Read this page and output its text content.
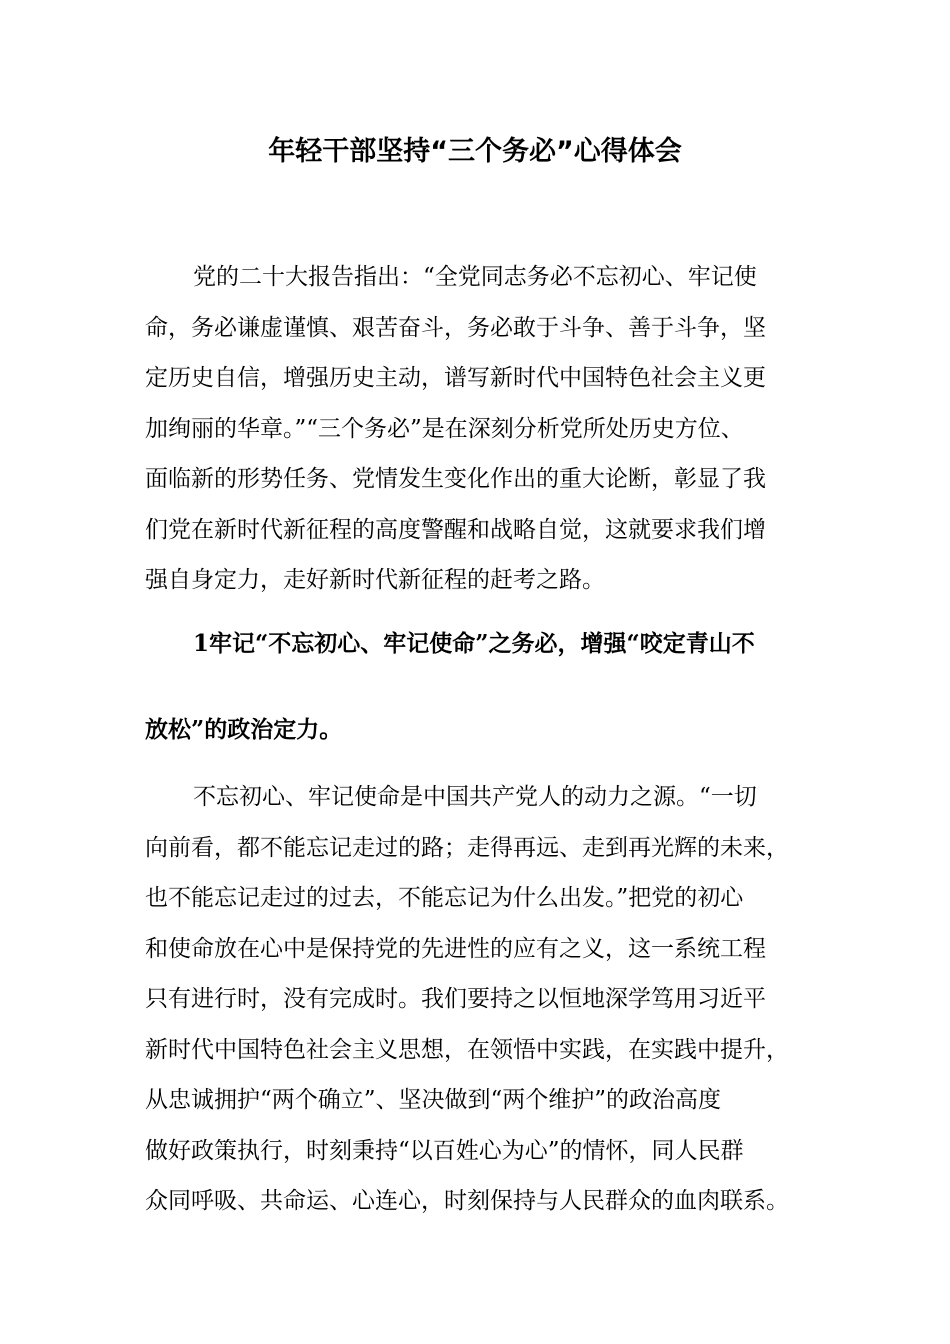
年轻干部坚持“三个务必”心得体会
党的二十大报告指出：“全党同志务必不忘初心、牢记使
命，务必谦虚谨慎、艰苦奋斗，务必敢于斗争、善于斗争，坚
定历史自信，增强历史主动，谱写新时代中国特色社会主义更
加绚丽的华章。”“三个务必”是在深刻分析党所处历史方位、
面临新的形势任务、党情发生变化作出的重大论断，彰显了我
们党在新时代新征程的高度警醒和战略自觉，这就要求我们增
强自身定力，走好新时代新征程的赶考之路。
1牢记“不忘初心、牢记使命”之务必，增强“咬定青山不
放松”的政治定力。
不忘初心、牢记使命是中国共产党人的动力之源。“一切
向前看，都不能忘记走过的路；走得再远、走到再光辉的未来，
也不能忘记走过的过去，不能忘记为什么出发。”把党的初心
和使命放在心中是保持党的先进性的应有之义，这一系统工程
只有进行时，没有完成时。我们要持之以恒地深学笃用习近平
新时代中国特色社会主义思想，在领悟中实践，在实践中提升，
从忠诚拥护“两个确立”、坚决做到“两个维护”的政治高度
做好政策执行，时刻秉持“以百姓心为心”的情怀，同人民群
众同呼吸、共命运、心连心，时刻保持与人民群众的血肉联系。
